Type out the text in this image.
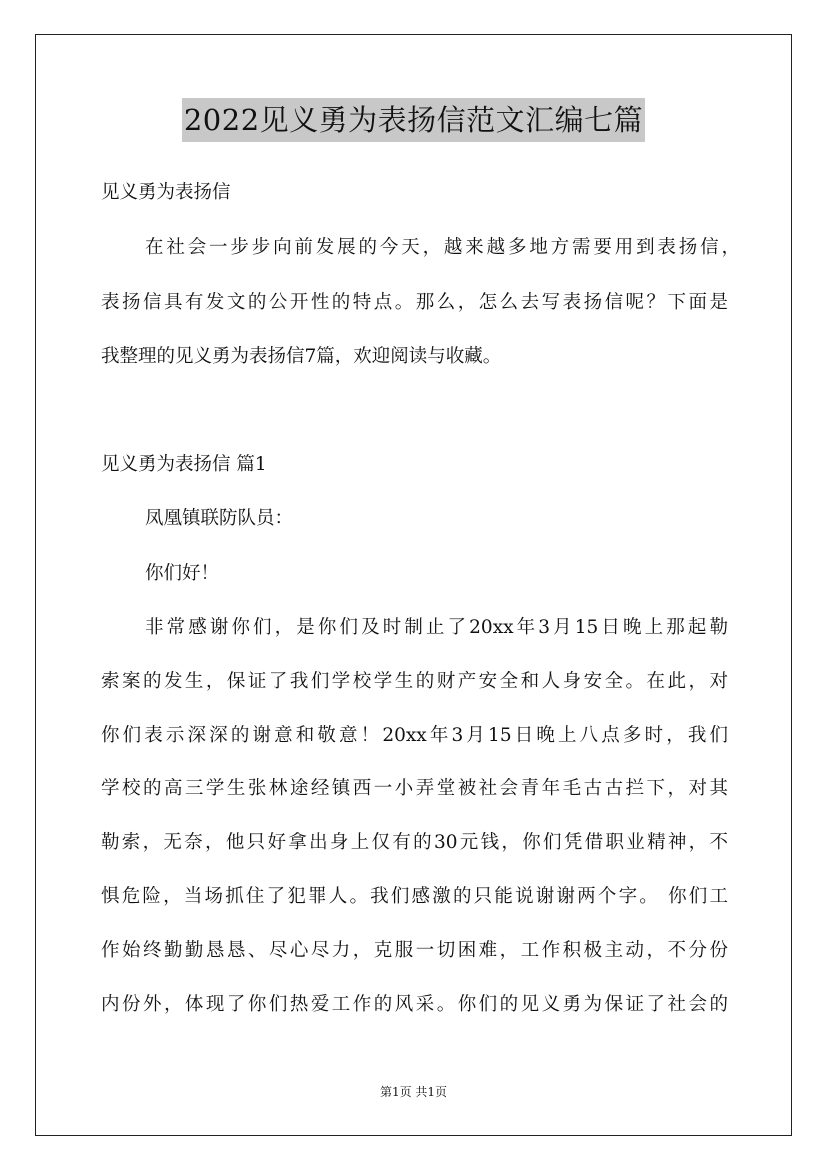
2022见义勇为表扬信范文汇编七篇
见义勇为表扬信
在社会一步步向前发展的今天，越来越多地方需要用到表扬信，
表扬信具有发文的公开性的特点。那么，怎么去写表扬信呢？下面是
我整理的见义勇为表扬信7篇，欢迎阅读与收藏。
见义勇为表扬信 篇1
凤凰镇联防队员：
你们好！
非常感谢你们，是你们及时制止了20xx年3月15日晚上那起勒
索案的发生，保证了我们学校学生的财产安全和人身安全。在此，对
你们表示深深的谢意和敬意！20xx年3月15日晚上八点多时，我们
学校的高三学生张林途经镇西一小弄堂被社会青年毛古古拦下，对其
勒索，无奈，他只好拿出身上仅有的30元钱，你们凭借职业精神，不
惧危险，当场抓住了犯罪人。我们感激的只能说谢谢两个字。 你们工
作始终勤勤恳恳、尽心尽力，克服一切困难，工作积极主动，不分份
内份外，体现了你们热爱工作的风采。你们的见义勇为保证了社会的
第1页 共1页
